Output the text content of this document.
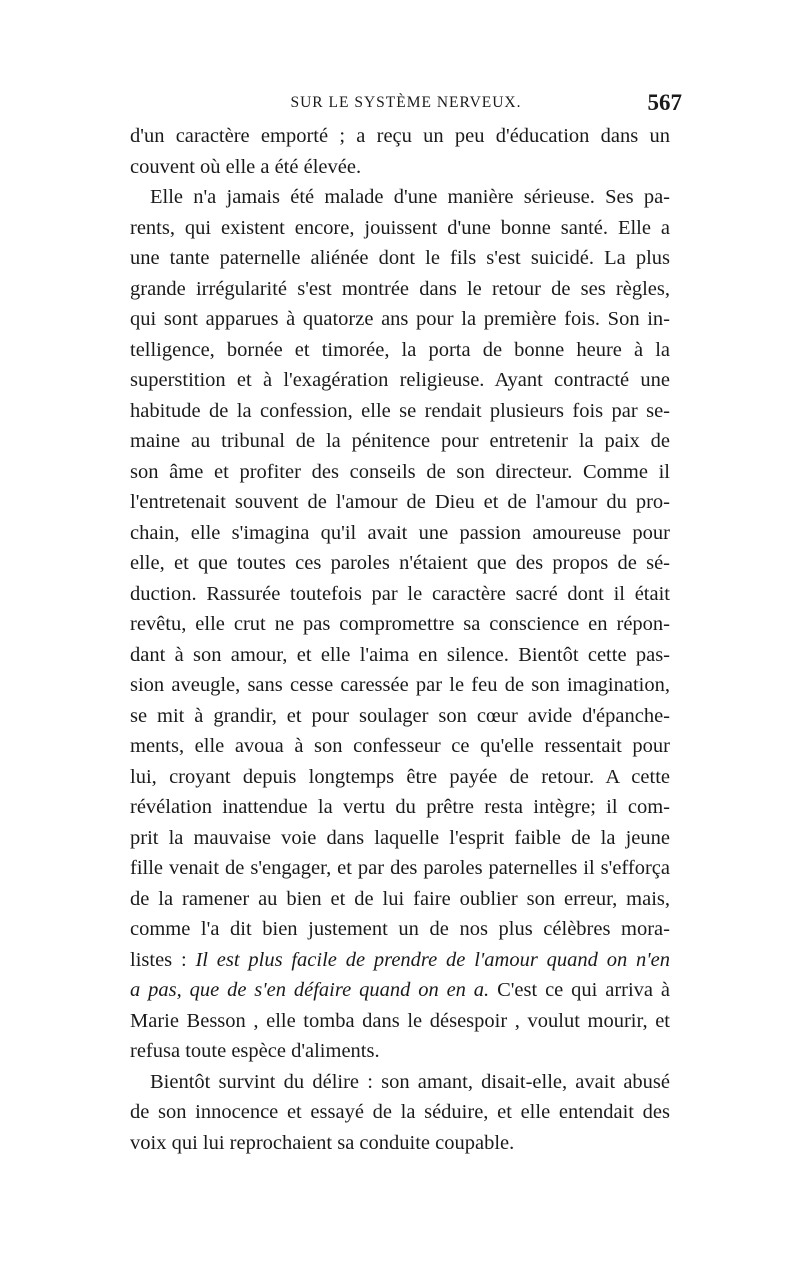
SUR LE SYSTÈME NERVEUX.	567
d'un caractère emporté ; a reçu un peu d'éducation dans un
couvent où elle a été élevée.
Elle n'a jamais été malade d'une manière sérieuse. Ses pa-
rents, qui existent encore, jouissent d'une bonne santé. Elle a
une tante paternelle aliénée dont le fils s'est suicidé. La plus
grande irrégularité s'est montrée dans le retour de ses règles,
qui sont apparues à quatorze ans pour la première fois. Son in-
telligence, bornée et timorée, la porta de bonne heure à la
superstition et à l'exagération religieuse. Ayant contracté une
habitude de la confession, elle se rendait plusieurs fois par se-
maine au tribunal de la pénitence pour entretenir la paix de
son âme et profiter des conseils de son directeur. Comme il
l'entretenait souvent de l'amour de Dieu et de l'amour du pro-
chain, elle s'imagina qu'il avait une passion amoureuse pour
elle, et que toutes ces paroles n'étaient que des propos de sé-
duction. Rassurée toutefois par le caractère sacré dont il était
revêtu, elle crut ne pas compromettre sa conscience en répon-
dant à son amour, et elle l'aima en silence. Bientôt cette pas-
sion aveugle, sans cesse caressée par le feu de son imagination,
se mit à grandir, et pour soulager son cœur avide d'épanche-
ments, elle avoua à son confesseur ce qu'elle ressentait pour
lui, croyant depuis longtemps être payée de retour. A cette
révélation inattendue la vertu du prêtre resta intègre; il com-
prit la mauvaise voie dans laquelle l'esprit faible de la jeune
fille venait de s'engager, et par des paroles paternelles il s'efforça
de la ramener au bien et de lui faire oublier son erreur, mais,
comme l'a dit bien justement un de nos plus célèbres mora-
listes : Il est plus facile de prendre de l'amour quand on n'en
a pas, que de s'en défaire quand on en a. C'est ce qui arriva à
Marie Besson , elle tomba dans le désespoir , voulut mourir, et
refusa toute espèce d'aliments.
Bientôt survint du délire : son amant, disait-elle, avait abusé
de son innocence et essayé de la séduire, et elle entendait des
voix qui lui reprochaient sa conduite coupable.
